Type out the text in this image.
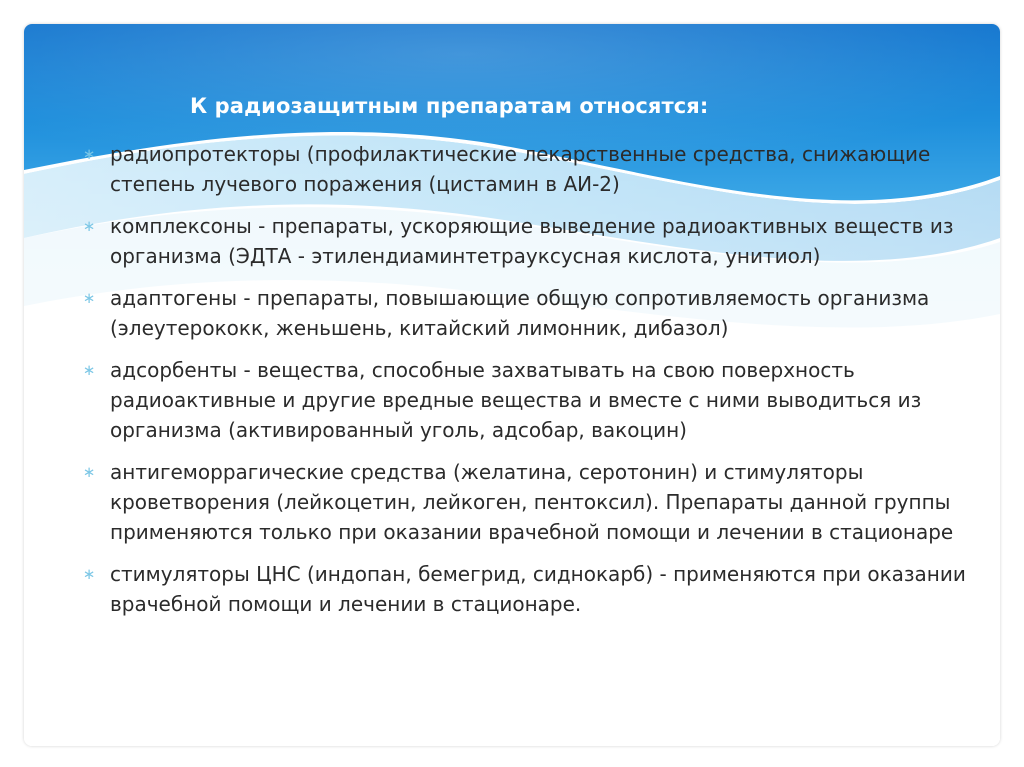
К радиозащитным препаратам относятся:
∗ радиопротекторы (профилактические лекарственные средства, снижающие степень лучевого поражения (цистамин в АИ-2)
∗ комплексоны - препараты, ускоряющие выведение радиоактивных веществ из организма (ЭДТА - этилендиаминтетрауксусная кислота, унитиол)
∗ адаптогены - препараты, повышающие общую сопротивляемость организма (элеутерококк, женьшень, китайский лимонник, дибазол)
∗ адсорбенты - вещества, способные захватывать на свою поверхность радиоактивные и другие вредные вещества и вместе с ними выводиться из организма (активированный уголь, адсобар, вакоцин)
∗ антигеморрагические средства (желатина, серотонин) и стимуляторы кроветворения (лейкоцетин, лейкоген, пентоксил). Препараты данной группы применяются только при оказании врачебной помощи и лечении в стационаре
∗ стимуляторы ЦНС (индопан, бемегрид, сиднокарб) - применяются при оказании врачебной помощи и лечении в стационаре.
